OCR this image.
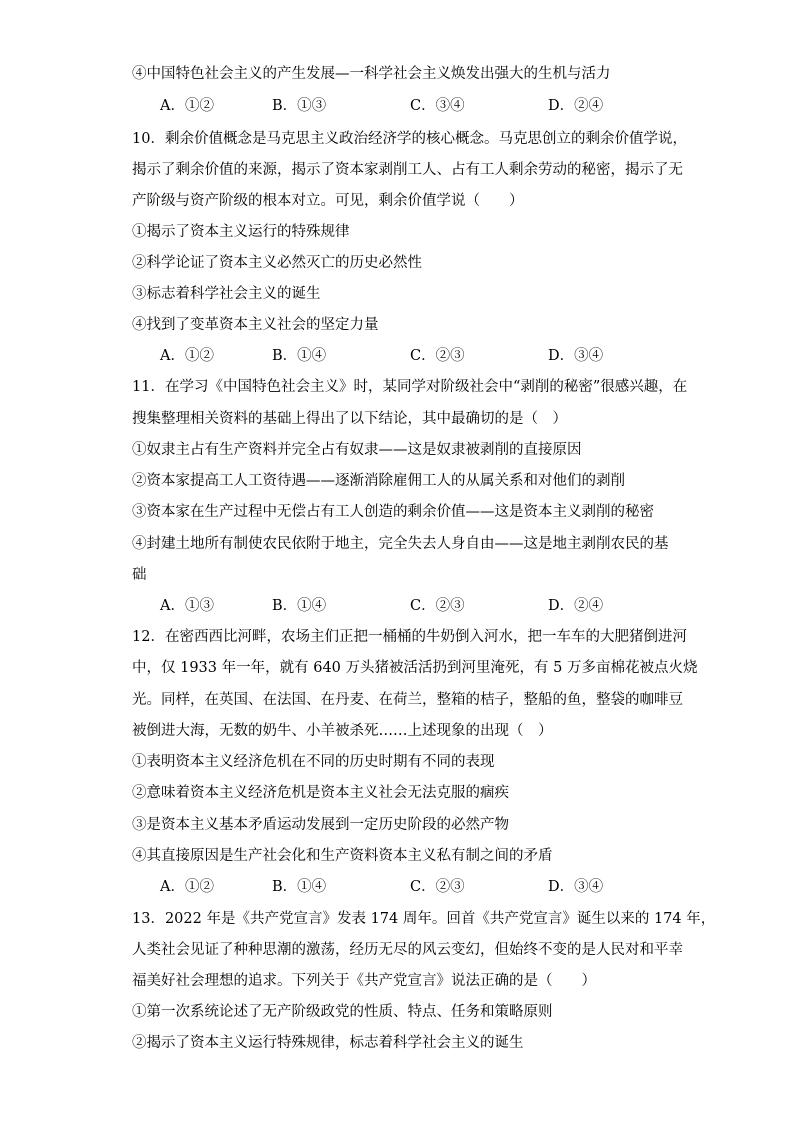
④中国特色社会主义的产生发展—一科学社会主义焕发出强大的生机与活力
A．①②	B．①③	C．③④	D．②④
10．剩余价值概念是马克思主义政治经济学的核心概念。马克思创立的剩余价值学说，
揭示了剩余价值的来源，揭示了资本家剥削工人、占有工人剩余劳动的秘密，揭示了无
产阶级与资产阶级的根本对立。可见，剩余价值学说（　　）
①揭示了资本主义运行的特殊规律
②科学论证了资本主义必然灭亡的历史必然性
③标志着科学社会主义的诞生
④找到了变革资本主义社会的坚定力量
A．①②	B．①④	C．②③	D．③④
11．在学习《中国特色社会主义》时，某同学对阶级社会中“剥削的秘密”很感兴趣，在
搜集整理相关资料的基础上得出了以下结论，其中最确切的是（　）
①奴隶主占有生产资料并完全占有奴隶——这是奴隶被剥削的直接原因
②资本家提高工人工资待遇——逐渐消除雇佣工人的从属关系和对他们的剥削
③资本家在生产过程中无偿占有工人创造的剩余价值——这是资本主义剥削的秘密
④封建土地所有制使农民依附于地主，完全失去人身自由——这是地主剥削农民的基
础
A．①③	B．①④	C．②③	D．②④
12．在密西西比河畔，农场主们正把一桶桶的牛奶倒入河水，把一车车的大肥猪倒进河
中，仅 1933 年一年，就有 640 万头猪被活活扔到河里淹死，有 5 万多亩棉花被点火烧
光。同样，在英国、在法国、在丹麦、在荷兰，整箱的桔子，整船的鱼，整袋的咖啡豆
被倒进大海，无数的奶牛、小羊被杀死……上述现象的出现（　）
①表明资本主义经济危机在不同的历史时期有不同的表现
②意味着资本主义经济危机是资本主义社会无法克服的痼疾
③是资本主义基本矛盾运动发展到一定历史阶段的必然产物
④其直接原因是生产社会化和生产资料资本主义私有制之间的矛盾
A．①②	B．①④	C．②③	D．③④
13．2022 年是《共产党宣言》发表 174 周年。回首《共产党宣言》诞生以来的 174 年，
人类社会见证了种种思潮的激荡，经历无尽的风云变幻，但始终不变的是人民对和平幸
福美好社会理想的追求。下列关于《共产党宣言》说法正确的是（　　）
①第一次系统论述了无产阶级政党的性质、特点、任务和策略原则
②揭示了资本主义运行特殊规律，标志着科学社会主义的诞生
